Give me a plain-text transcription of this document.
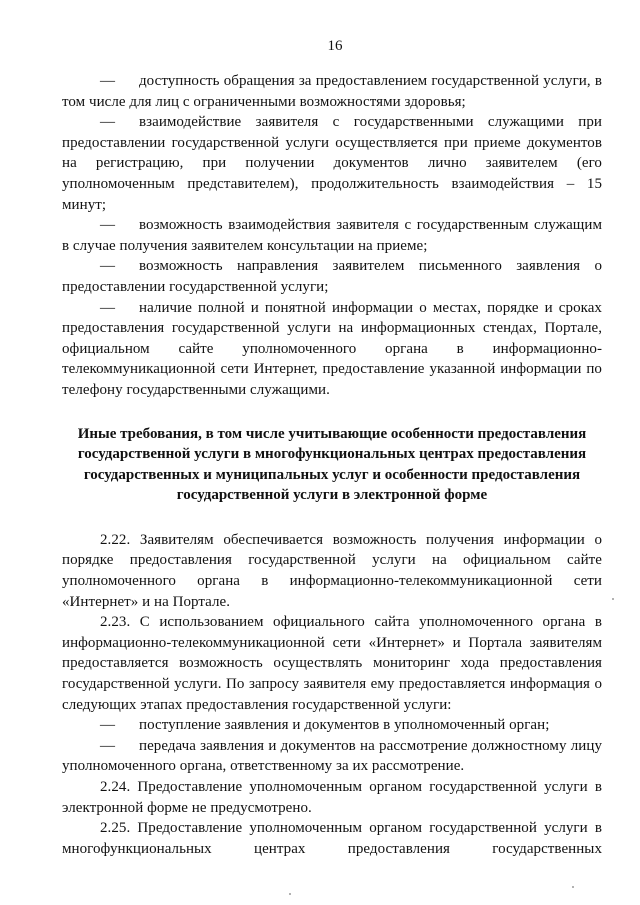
16

— доступность обращения за предоставлением государственной услуги, в том числе для лиц с ограниченными возможностями здоровья;

— взаимодействие заявителя с государственными служащими при предоставлении государственной услуги осуществляется при приеме документов на регистрацию, при получении документов лично заявителем (его уполномоченным представителем), продолжительность взаимодействия – 15 минут;

— возможность взаимодействия заявителя с государственным служащим в случае получения заявителем консультации на приеме;

— возможность направления заявителем письменного заявления о предоставлении государственной услуги;

— наличие полной и понятной информации о местах, порядке и сроках предоставления государственной услуги на информационных стендах, Портале, официальном сайте уполномоченного органа в информационно-телекоммуникационной сети Интернет, предоставление указанной информации по телефону государственными служащими.

Иные требования, в том числе учитывающие особенности предоставления государственной услуги в многофункциональных центрах предоставления государственных и муниципальных услуг и особенности предоставления государственной услуги в электронной форме

2.22. Заявителям обеспечивается возможность получения информации о порядке предоставления государственной услуги на официальном сайте уполномоченного органа в информационно-телекоммуникационной сети «Интернет» и на Портале.

2.23. С использованием официального сайта уполномоченного органа в информационно-телекоммуникационной сети «Интернет» и Портала заявителям предоставляется возможность осуществлять мониторинг хода предоставления государственной услуги. По запросу заявителя ему предоставляется информация о следующих этапах предоставления государственной услуги:

— поступление заявления и документов в уполномоченный орган;

— передача заявления и документов на рассмотрение должностному лицу уполномоченного органа, ответственному за их рассмотрение.

2.24. Предоставление уполномоченным органом государственной услуги в электронной форме не предусмотрено.

2.25. Предоставление уполномоченным органом государственной услуги в многофункциональных центрах предоставления государственных
